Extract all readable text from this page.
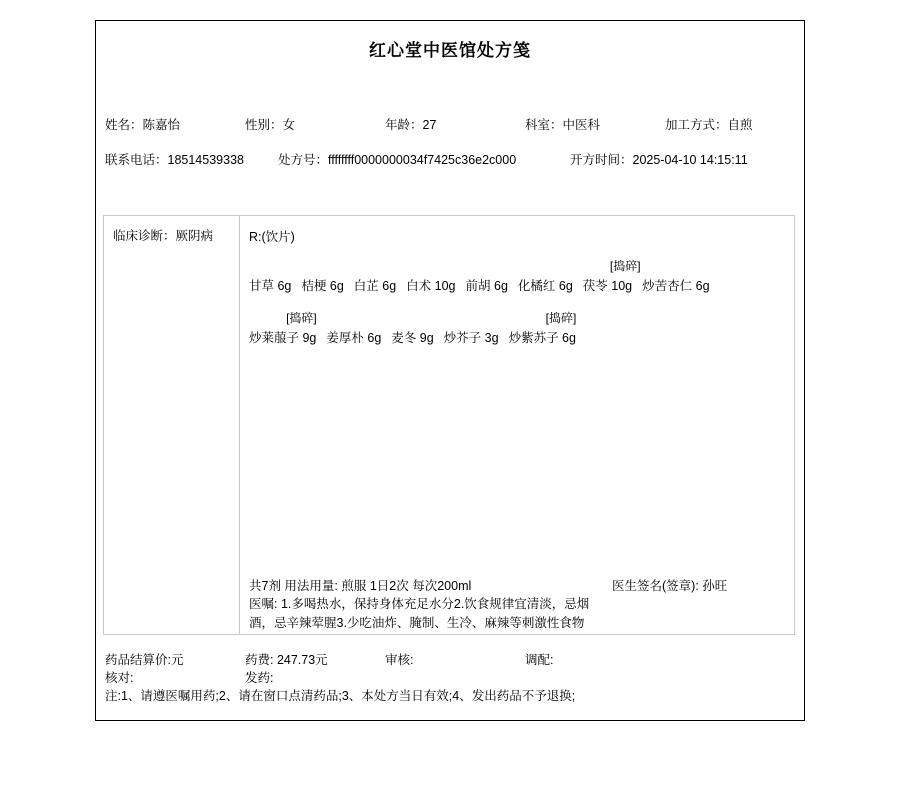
红心堂中医馆处方笺
姓名：陈嘉怡	性别：女	年龄：27	科室：中医科	加工方式：自煎
联系电话：18514539338	处方号：ffffffff0000000034f7425c36e2c000	开方时间：2025-04-10 14:15:11
临床诊断：厥阴病	R:(饮片)
甘草 6g 桔梗 6g 白芷 6g 白术 10g 前胡 6g 化橘红 6g
[捣碎]
茯苓 10g 炒苦杏仁 6g
[捣碎]
炒莱菔子 9g 姜厚朴 6g 麦冬 9g 炒芥子 3g
[捣碎]
炒紫苏子 6g
共7剂 用法用量: 煎服 1日2次 每次200ml	医生签名(签章): 孙旺
医嘱: 1.多喝热水，保持身体充足水分2.饮食规律宜清淡，忌烟酒，忌辛辣荤腥3.少吃油炸、腌制、生冷、麻辣等刺激性食物
药品结算价:元	药费: 247.73元	审核:	调配:
核对:	发药:
注:1、请遵医嘱用药;2、请在窗口点清药品;3、本处方当日有效;4、发出药品不予退换;
